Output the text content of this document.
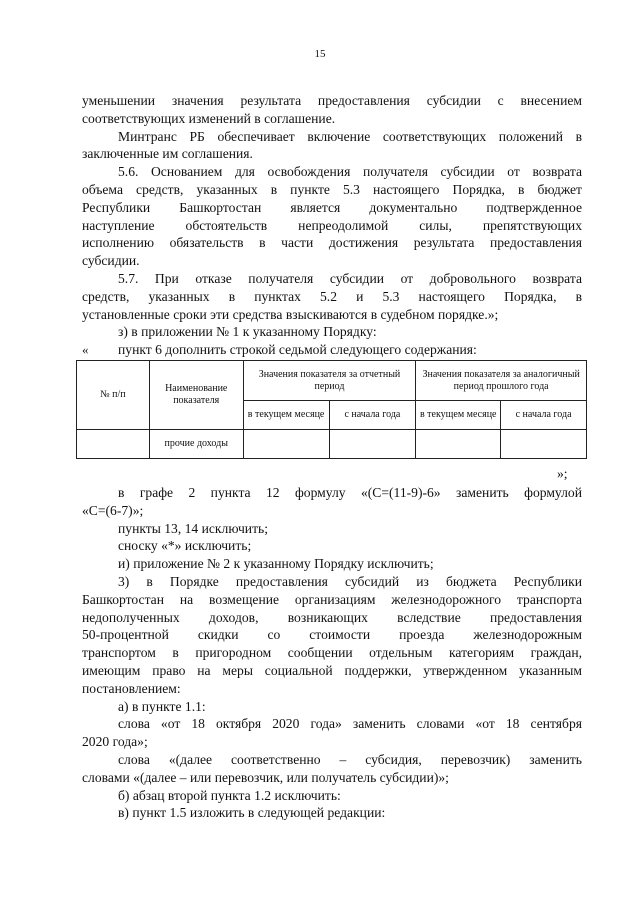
15
уменьшении значения результата предоставления субсидии с внесением
соответствующих изменений в соглашение.
Минтранс РБ обеспечивает включение соответствующих положений в
заключенные им соглашения.
5.6. Основанием для освобождения получателя субсидии от возврата
объема средств, указанных в пункте 5.3 настоящего Порядка, в бюджет
Республики Башкортостан является документально подтвержденное
наступление обстоятельств непреодолимой силы, препятствующих
исполнению обязательств в части достижения результата предоставления
субсидии.
5.7. При отказе получателя субсидии от добровольного возврата
средств, указанных в пунктах 5.2 и 5.3 настоящего Порядка, в
установленные сроки эти средства взыскиваются в судебном порядке.»;
з) в приложении № 1 к указанному Порядку:
пункт 6 дополнить строкой седьмой следующего содержания:
«
№ п/п	Наименование показателя	Значения показателя за отчетный период		Значения показателя за аналогичный период прошлого года	
		в текущем месяце	с начала года	в текущем месяце	с начала года
	прочие доходы				
»;
в графе 2 пункта 12 формулу «(С=(11-9)-6» заменить формулой
«С=(6-7)»;
пункты 13, 14 исключить;
сноску «*» исключить;
и) приложение № 2 к указанному Порядку исключить;
3) в Порядке предоставления субсидий из бюджета Республики
Башкортостан на возмещение организациям железнодорожного транспорта
недополученных доходов, возникающих вследствие предоставления
50-процентной скидки со стоимости проезда железнодорожным
транспортом в пригородном сообщении отдельным категориям граждан,
имеющим право на меры социальной поддержки, утвержденном указанным
постановлением:
а) в пункте 1.1:
слова «от 18 октября 2020 года» заменить словами «от 18 сентября
2020 года»;
слова «(далее соответственно – субсидия, перевозчик) заменить
словами «(далее – или перевозчик, или получатель субсидии)»;
б) абзац второй пункта 1.2 исключить:
в) пункт 1.5 изложить в следующей редакции:
